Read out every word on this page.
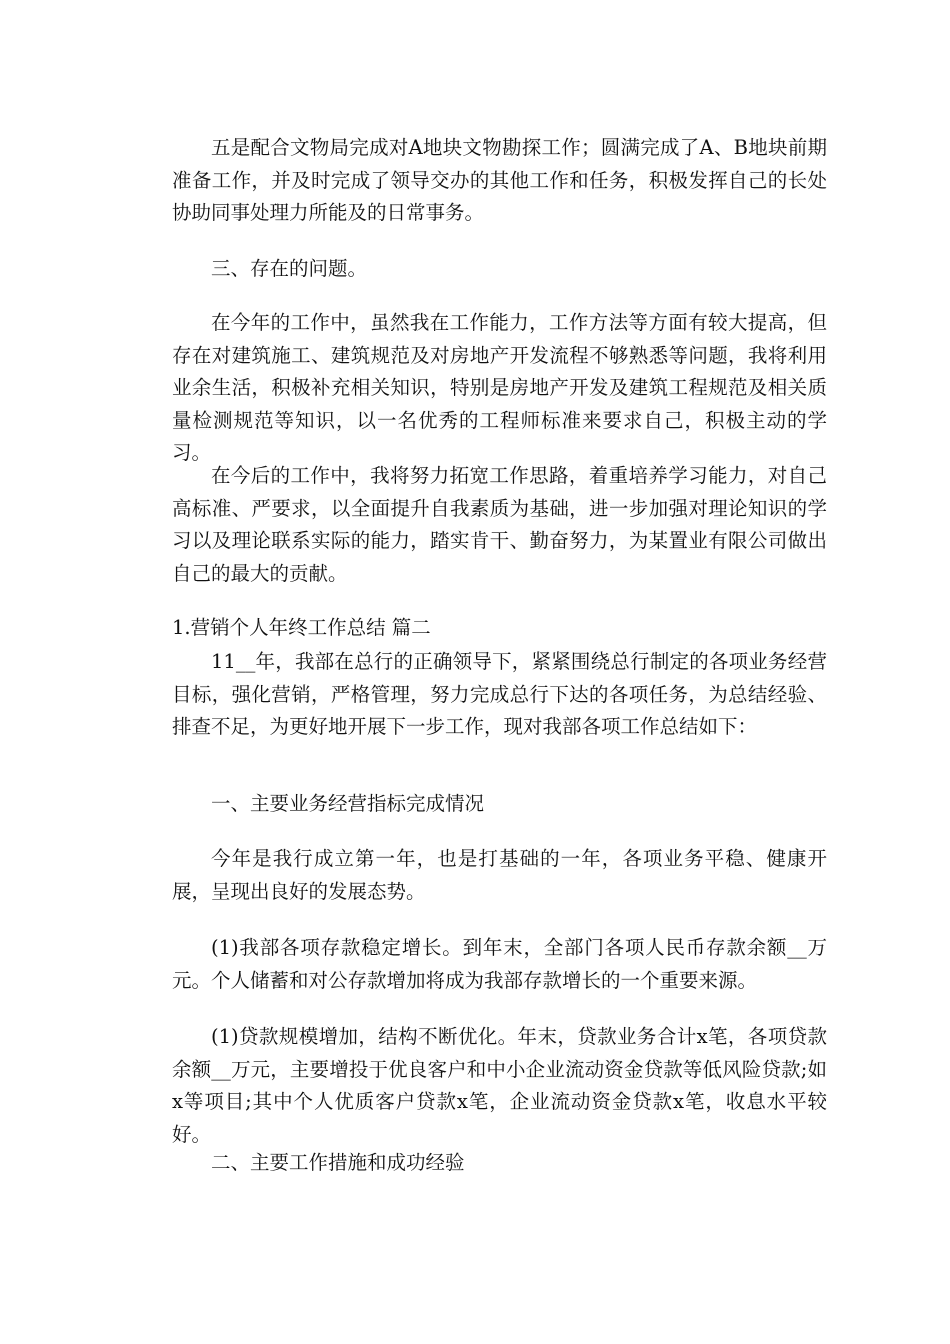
五是配合文物局完成对A地块文物勘探工作；圆满完成了A、B地块前期准备工作，并及时完成了领导交办的其他工作和任务，积极发挥自己的长处协助同事处理力所能及的日常事务。

三、存在的问题。

在今年的工作中，虽然我在工作能力，工作方法等方面有较大提高，但存在对建筑施工、建筑规范及对房地产开发流程不够熟悉等问题，我将利用业余生活，积极补充相关知识，特别是房地产开发及建筑工程规范及相关质量检测规范等知识，以一名优秀的工程师标准来要求自己，积极主动的学习。

在今后的工作中，我将努力拓宽工作思路，着重培养学习能力，对自己高标准、严要求，以全面提升自我素质为基础，进一步加强对理论知识的学习以及理论联系实际的能力，踏实肯干、勤奋努力，为某置业有限公司做出自己的最大的贡献。

1.营销个人年终工作总结 篇二

11__年，我部在总行的正确领导下，紧紧围绕总行制定的各项业务经营目标，强化营销，严格管理，努力完成总行下达的各项任务，为总结经验、排查不足，为更好地开展下一步工作，现对我部各项工作总结如下：

一、主要业务经营指标完成情况

今年是我行成立第一年，也是打基础的一年，各项业务平稳、健康开展，呈现出良好的发展态势。

(1)我部各项存款稳定增长。到年末，全部门各项人民币存款余额__万元。个人储蓄和对公存款增加将成为我部存款增长的一个重要来源。

(1)贷款规模增加，结构不断优化。年末，贷款业务合计x笔，各项贷款余额__万元，主要增投于优良客户和中小企业流动资金贷款等低风险贷款;如x等项目;其中个人优质客户贷款x笔，企业流动资金贷款x笔，收息水平较好。

二、主要工作措施和成功经验
